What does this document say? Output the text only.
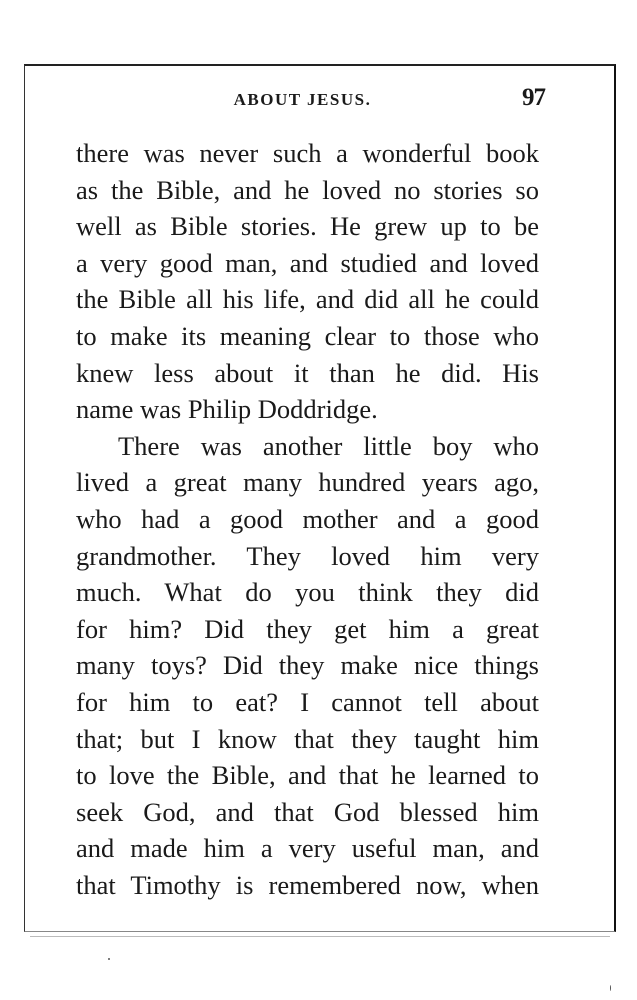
ABOUT JESUS.	97
there was never such a wonderful book
as the Bible, and he loved no stories so
well as Bible stories. He grew up to be
a very good man, and studied and loved
the Bible all his life, and did all he could
to make its meaning clear to those who
knew less about it than he did. His
name was Philip Doddridge.
There was another little boy who
lived a great many hundred years ago,
who had a good mother and a good
grandmother. They loved him very
much. What do you think they did
for him? Did they get him a great
many toys? Did they make nice things
for him to eat? I cannot tell about
that; but I know that they taught him
to love the Bible, and that he learned to
seek God, and that God blessed him
and made him a very useful man, and
that Timothy is remembered now, when
